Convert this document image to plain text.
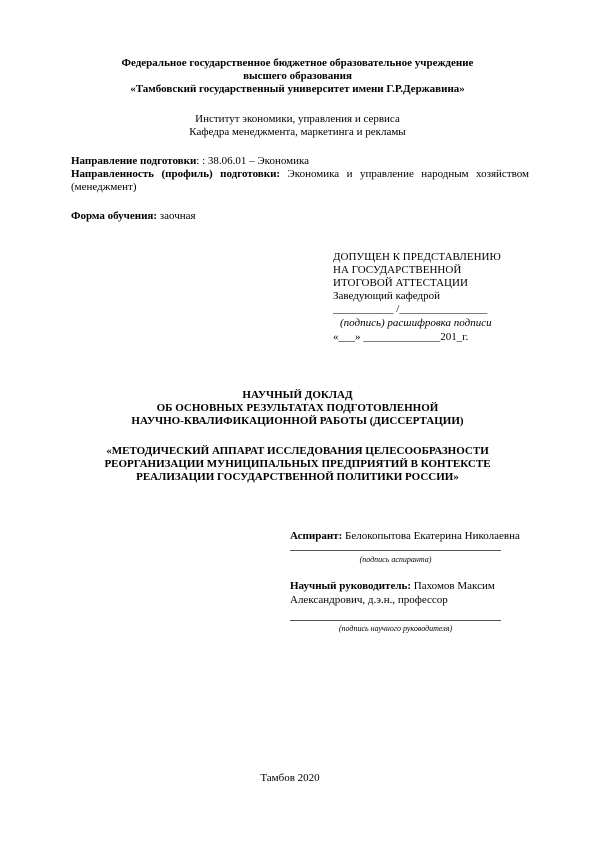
Федеральное государственное бюджетное образовательное учреждение
высшего образования
«Тамбовский государственный университет имени Г.Р.Державина»
Институт экономики, управления и сервиса
Кафедра менеджмента, маркетинга и рекламы
Направление подготовки: : 38.06.01 – Экономика
Направленность (профиль) подготовки: Экономика и управление народным хозяйством
(менеджмент)
Форма обучения: заочная
ДОПУЩЕН К ПРЕДСТАВЛЕНИЮ
НА ГОСУДАРСТВЕННОЙ
ИТОГОВОЙ АТТЕСТАЦИИ
Заведующий кафедрой
___________ /________________
(подпись) расшифровка подписи
«___» ______________201_г.
НАУЧНЫЙ ДОКЛАД
ОБ ОСНОВНЫХ РЕЗУЛЬТАТАХ ПОДГОТОВЛЕННОЙ
НАУЧНО-КВАЛИФИКАЦИОННОЙ РАБОТЫ (ДИССЕРТАЦИИ)
«МЕТОДИЧЕСКИЙ АППАРАТ ИССЛЕДОВАНИЯ ЦЕЛЕСООБРАЗНОСТИ
РЕОРГАНИЗАЦИИ МУНИЦИПАЛЬНЫХ ПРЕДПРИЯТИЙ В КОНТЕКСТЕ
РЕАЛИЗАЦИИ ГОСУДАРСТВЕННОЙ ПОЛИТИКИ РОССИИ»
Аспирант: Белокопытова Екатерина Николаевна
(подпись аспиранта)
Научный руководитель: Пахомов Максим
Александрович, д.э.н., профессор
(подпись научного руководителя)
Тамбов 2020
